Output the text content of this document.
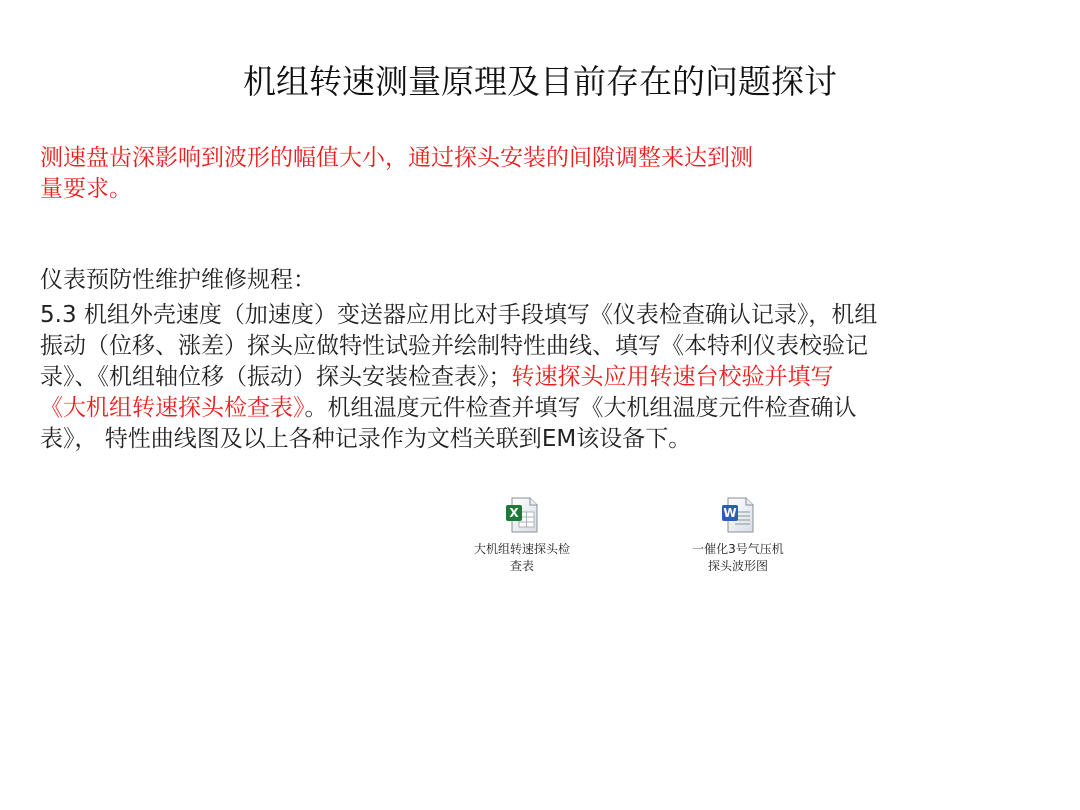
机组转速测量原理及目前存在的问题探讨

测速盘齿深影响到波形的幅值大小，通过探头安装的间隙调整来达到测
量要求。

仪表预防性维护维修规程：

5.3 机组外壳速度（加速度）变送器应用比对手段填写《仪表检查确认记录》，机组
振动（位移、涨差）探头应做特性试验并绘制特性曲线、填写《本特利仪表校验记
录》、《机组轴位移（振动）探头安装检查表》；转速探头应用转速台校验并填写
《大机组转速探头检查表》。机组温度元件检查并填写《大机组温度元件检查确认
表》， 特性曲线图及以上各种记录作为文档关联到EM该设备下。

X
大机组转速探头检
查表
W
一催化3号气压机
探头波形图
